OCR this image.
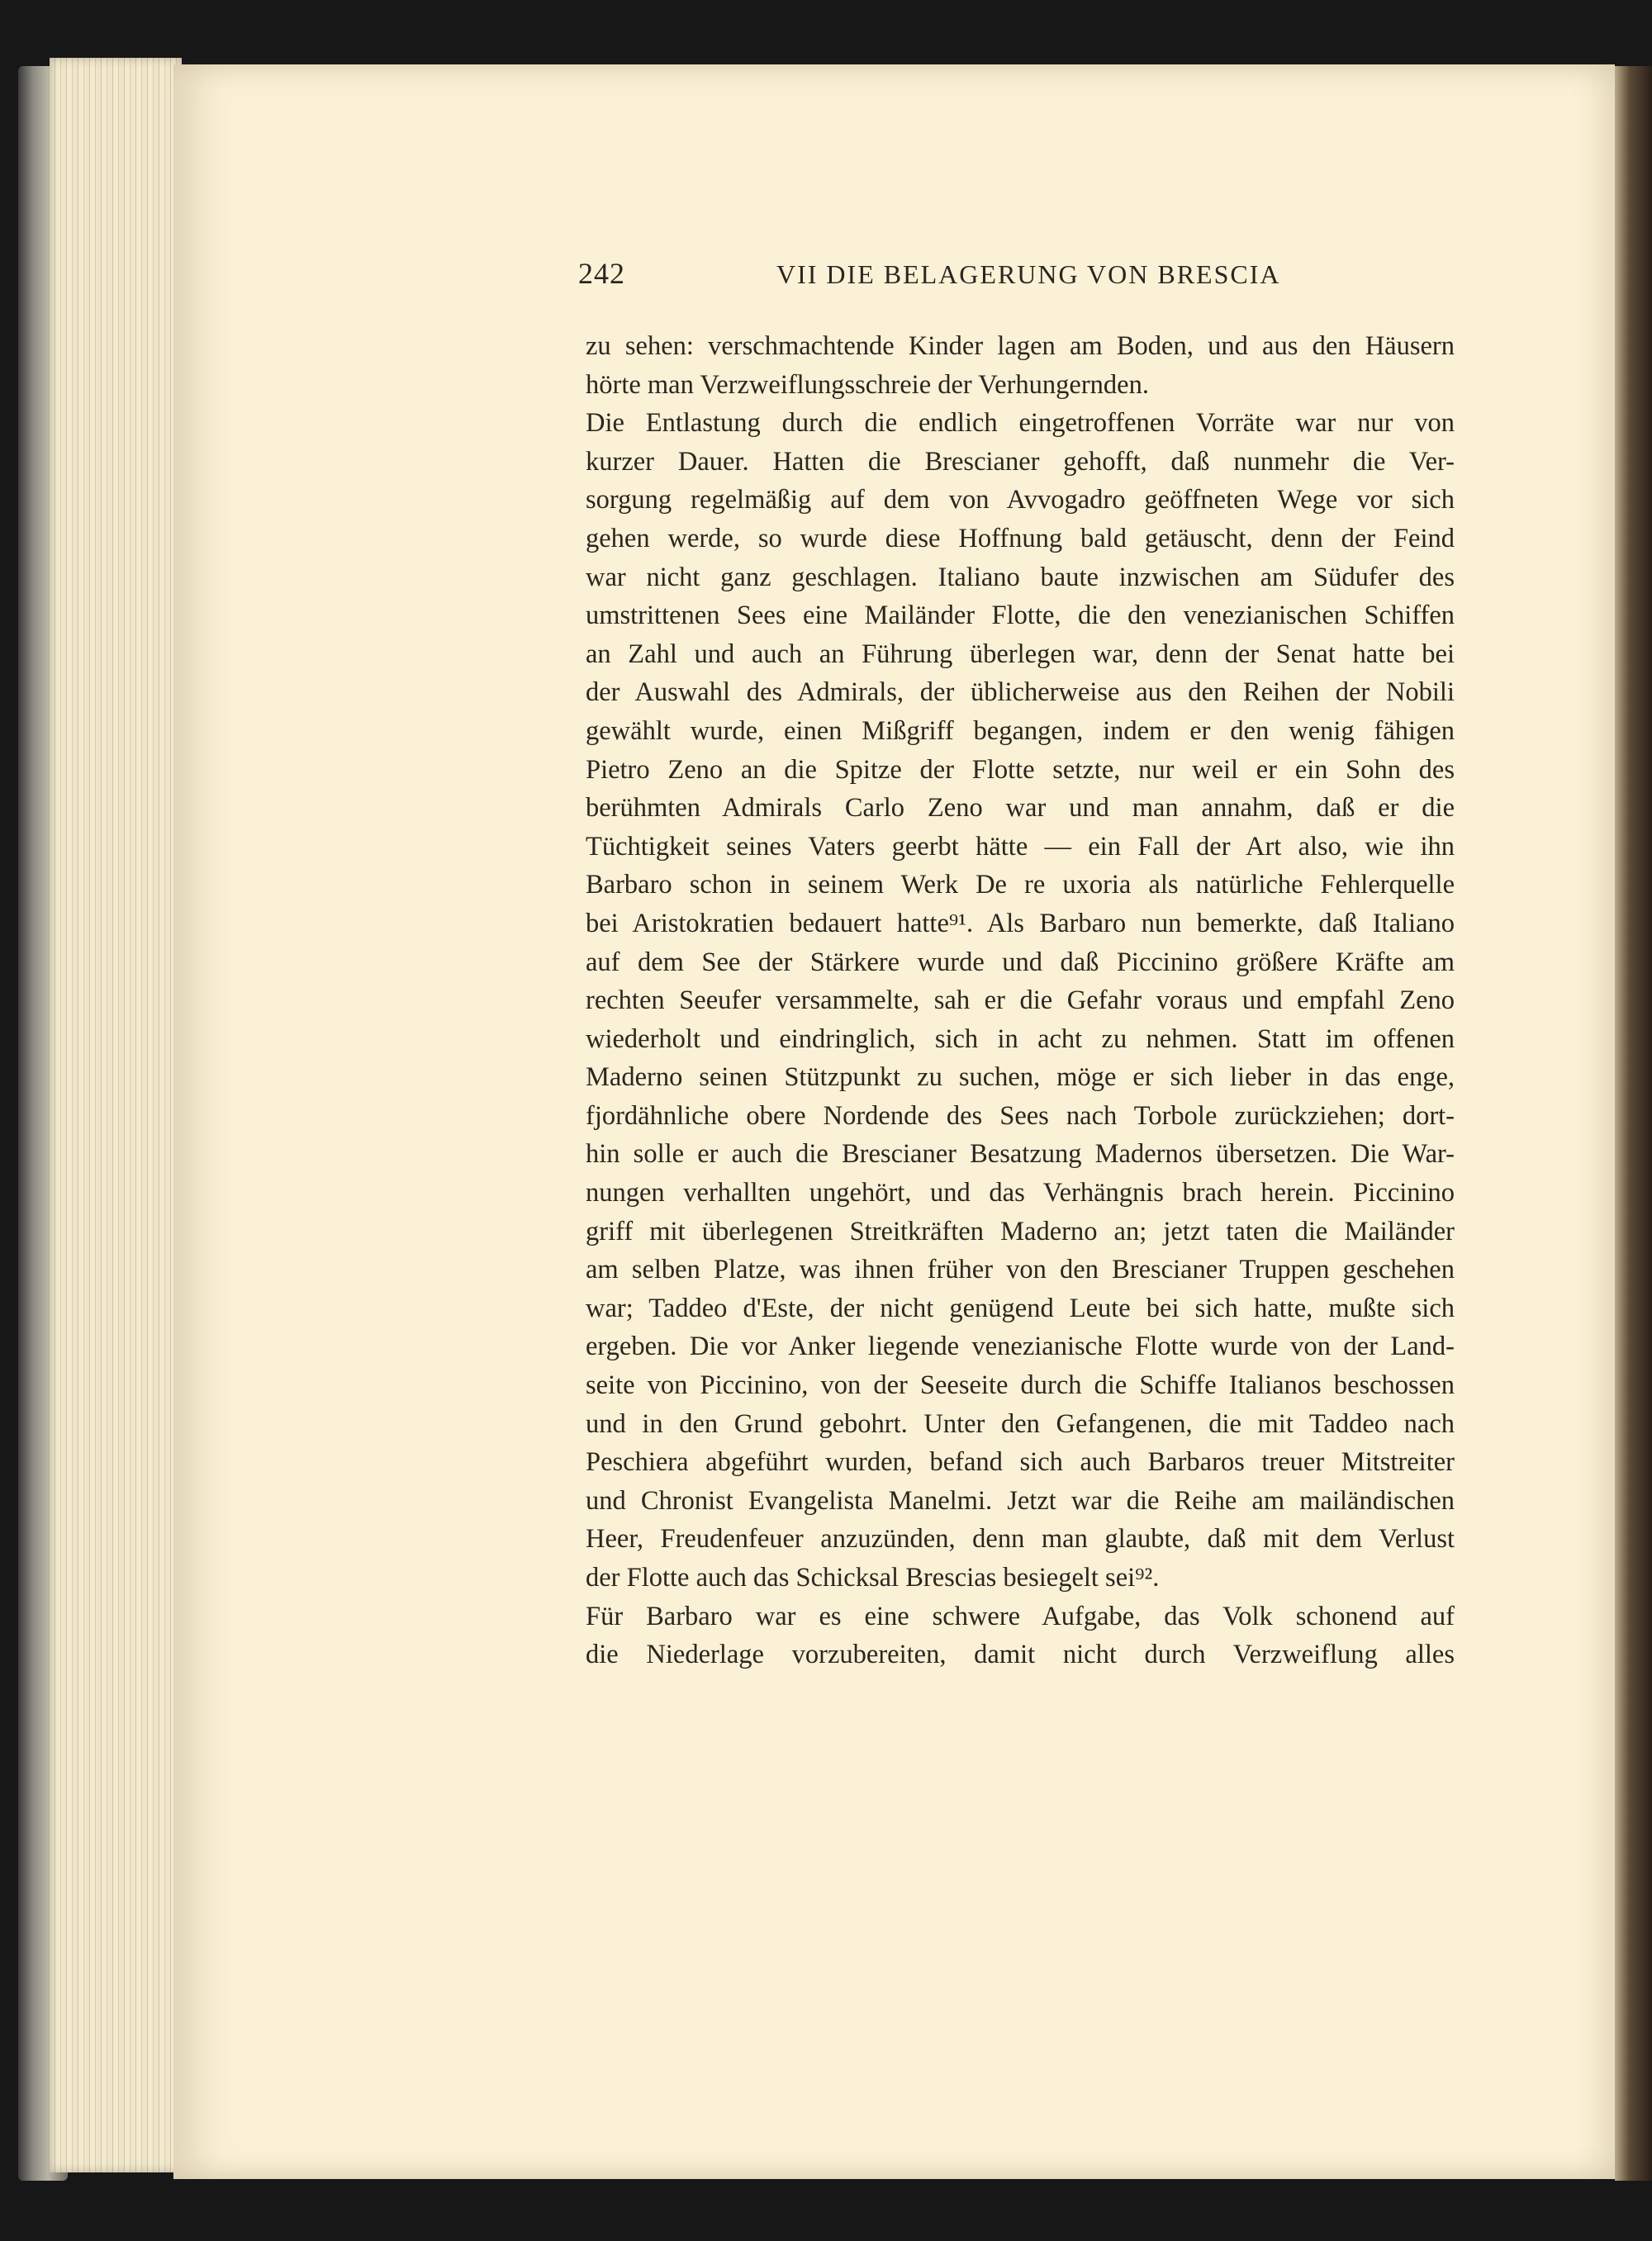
242	VII DIE BELAGERUNG VON BRESCIA
zu sehen: verschmachtende Kinder lagen am Boden, und aus den Häusern
hörte man Verzweiflungsschreie der Verhungernden.
Die Entlastung durch die endlich eingetroffenen Vorräte war nur von
kurzer Dauer. Hatten die Brescianer gehofft, daß nunmehr die Ver-
sorgung regelmäßig auf dem von Avvogadro geöffneten Wege vor sich
gehen werde, so wurde diese Hoffnung bald getäuscht, denn der Feind
war nicht ganz geschlagen. Italiano baute inzwischen am Südufer des
umstrittenen Sees eine Mailänder Flotte, die den venezianischen Schiffen
an Zahl und auch an Führung überlegen war, denn der Senat hatte bei
der Auswahl des Admirals, der üblicherweise aus den Reihen der Nobili
gewählt wurde, einen Mißgriff begangen, indem er den wenig fähigen
Pietro Zeno an die Spitze der Flotte setzte, nur weil er ein Sohn des
berühmten Admirals Carlo Zeno war und man annahm, daß er die
Tüchtigkeit seines Vaters geerbt hätte — ein Fall der Art also, wie ihn
Barbaro schon in seinem Werk De re uxoria als natürliche Fehlerquelle
bei Aristokratien bedauert hatte⁹¹. Als Barbaro nun bemerkte, daß Italiano
auf dem See der Stärkere wurde und daß Piccinino größere Kräfte am
rechten Seeufer versammelte, sah er die Gefahr voraus und empfahl Zeno
wiederholt und eindringlich, sich in acht zu nehmen. Statt im offenen
Maderno seinen Stützpunkt zu suchen, möge er sich lieber in das enge,
fjordähnliche obere Nordende des Sees nach Torbole zurückziehen; dort-
hin solle er auch die Brescianer Besatzung Madernos übersetzen. Die War-
nungen verhallten ungehört, und das Verhängnis brach herein. Piccinino
griff mit überlegenen Streitkräften Maderno an; jetzt taten die Mailänder
am selben Platze, was ihnen früher von den Brescianer Truppen geschehen
war; Taddeo d'Este, der nicht genügend Leute bei sich hatte, mußte sich
ergeben. Die vor Anker liegende venezianische Flotte wurde von der Land-
seite von Piccinino, von der Seeseite durch die Schiffe Italianos beschossen
und in den Grund gebohrt. Unter den Gefangenen, die mit Taddeo nach
Peschiera abgeführt wurden, befand sich auch Barbaros treuer Mitstreiter
und Chronist Evangelista Manelmi. Jetzt war die Reihe am mailändischen
Heer, Freudenfeuer anzuzünden, denn man glaubte, daß mit dem Verlust
der Flotte auch das Schicksal Brescias besiegelt sei⁹².
Für Barbaro war es eine schwere Aufgabe, das Volk schonend auf
die Niederlage vorzubereiten, damit nicht durch Verzweiflung alles
